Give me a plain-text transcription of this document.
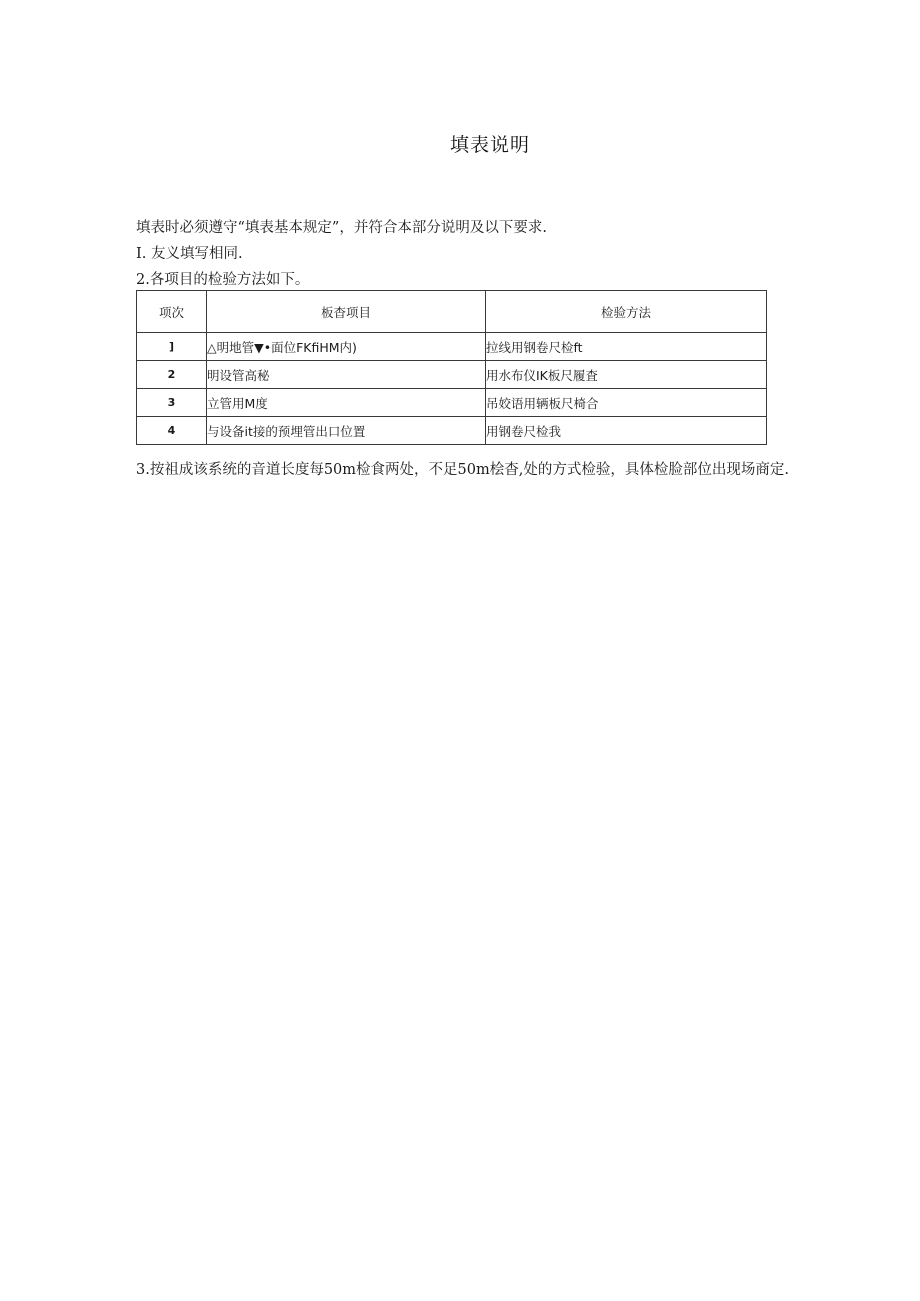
填表说明
填表时必须遵守“填表基本规定”，并符合本部分说明及以下要求.
I. 友义填写相同.
2.各项目的检验方法如下。
项次	板杳项目	检验方法
]	△明地管▼•面位FKfiHM内)	拉线用钢卷尺检ft
2	明设管高秘	用水布仪IK板尺履査
3	立管用M度	吊姣语用辆板尺椅合
4	与设备it接的预埋管出口位置	用钢卷尺检我
3.按祖成该系统的音道长度每50m检食两处，不足50m桧杳,处的方式检验，具体检脸部位出现场商定.
